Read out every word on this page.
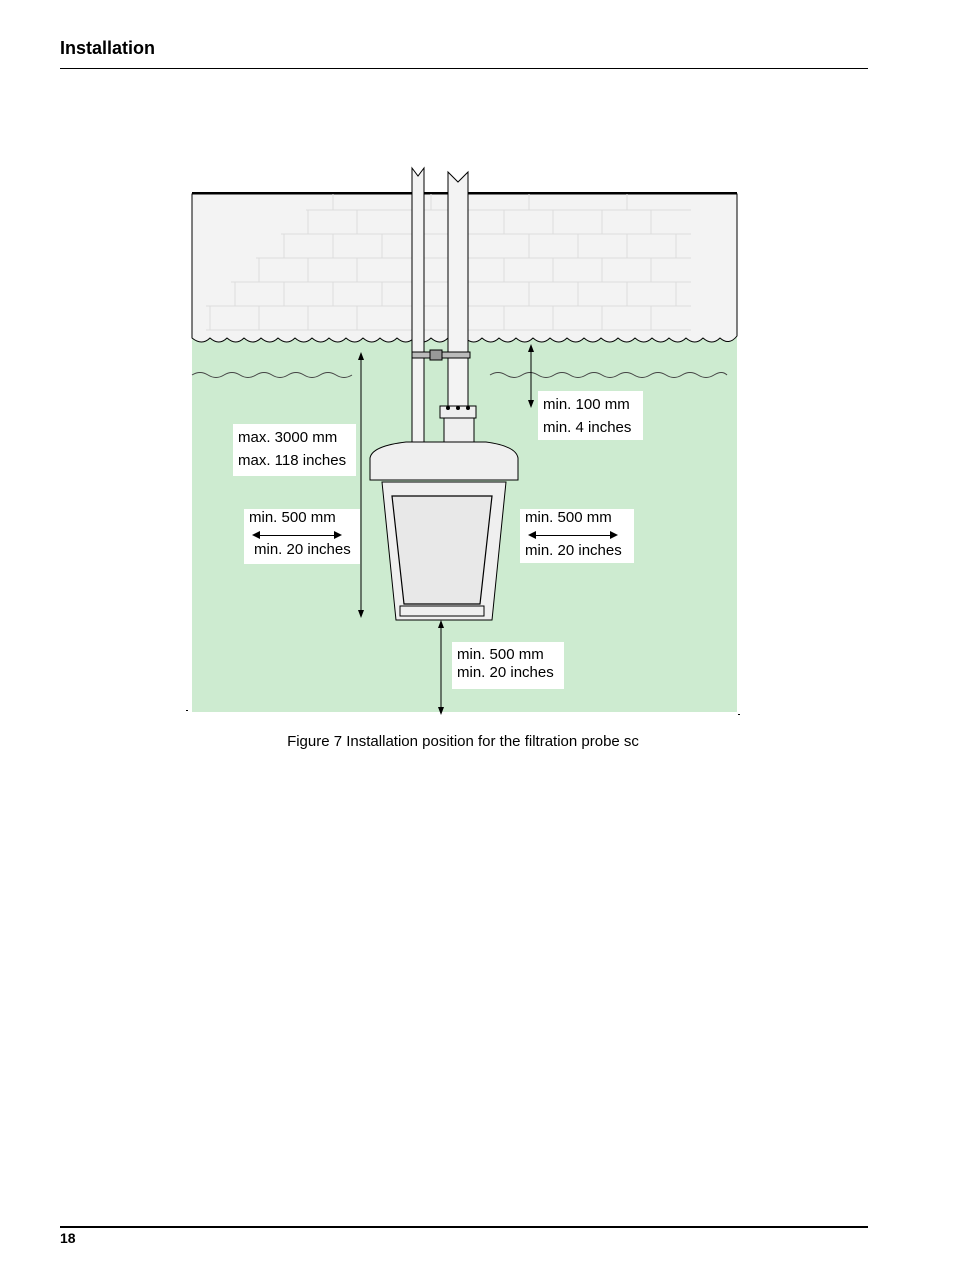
Installation
max. 3000 mm
max. 118 inches
min. 100 mm
min. 4 inches
min. 500 mm
min. 20 inches
min. 500 mm
min. 20 inches
min. 500 mm
min. 20 inches
Figure 7 Installation position for the filtration probe sc
18
